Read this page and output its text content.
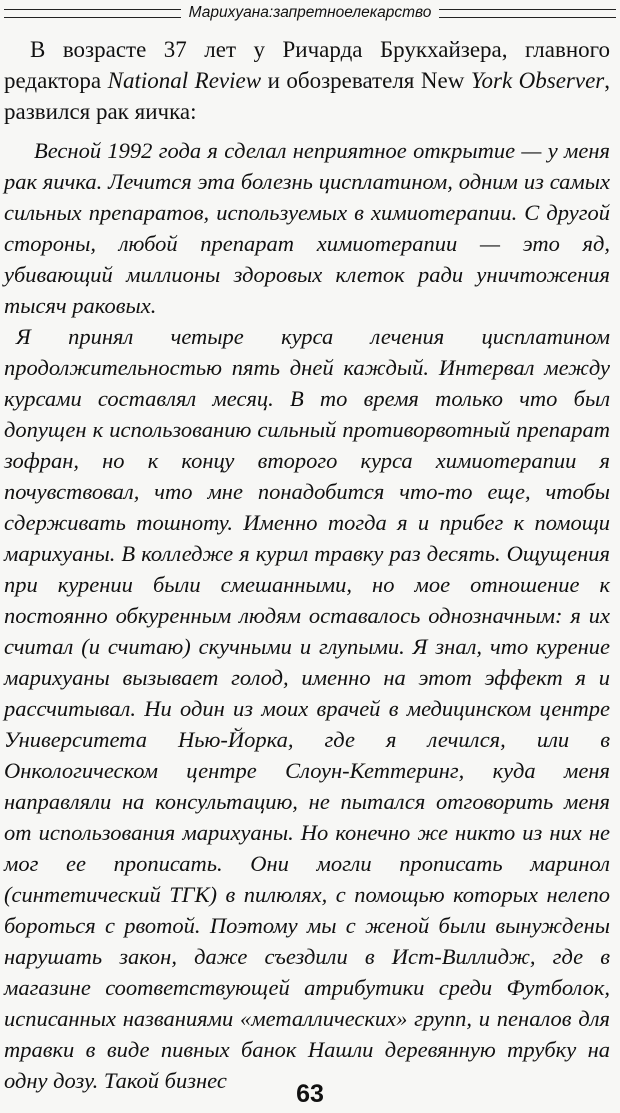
Марихуана:запретноелекарство

В возрасте 37 лет у Ричарда Брукхайзера, главного редактора National Review и обозревателя New York Observer, развился рак яичка:

Весной 1992 года я сделал неприятное открытие — у меня рак яичка. Лечится эта болезнь цисплатином, одним из самых сильных препаратов, используемых в химиотерапии. С другой стороны, любой препарат химиотерапии — это яд, убивающий миллионы здоровых клеток ради уничтожения тысяч раковых.

Я принял четыре курса лечения цисплатином продолжительностью пять дней каждый. Интервал между курсами составлял месяц. В то время только что был допущен к использованию сильный противорвотный препарат зофран, но к концу второго курса химиотерапии я почувствовал, что мне понадобится что-то еще, чтобы сдерживать тошноту. Именно тогда я и прибег к помощи марихуаны. В колледже я курил травку раз десять. Ощущения при курении были смешанными, но мое отношение к постоянно обкуренным людям оставалось однозначным: я их считал (и считаю) скучными и глупыми. Я знал, что курение марихуаны вызывает голод, именно на этот эффект я и рассчитывал. Ни один из моих врачей в медицинском центре Университета Нью-Йорка, где я лечился, или в Онкологическом центре Слоун-Кеттеринг, куда меня направляли на консультацию, не пытался отговорить меня от использования марихуаны. Но конечно же никто из них не мог ее прописать. Они могли прописать маринол (синтетический ТГК) в пилюлях, с помощью которых нелепо бороться с рвотой. Поэтому мы с женой были вынуждены нарушать закон, даже съездили в Ист-Виллидж, где в магазине соответствующей атрибутики среди Футболок, исписанных названиями «металлических» групп, и пеналов для травки в виде пивных банок Нашли деревянную трубку на одну дозу. Такой бизнес	63
